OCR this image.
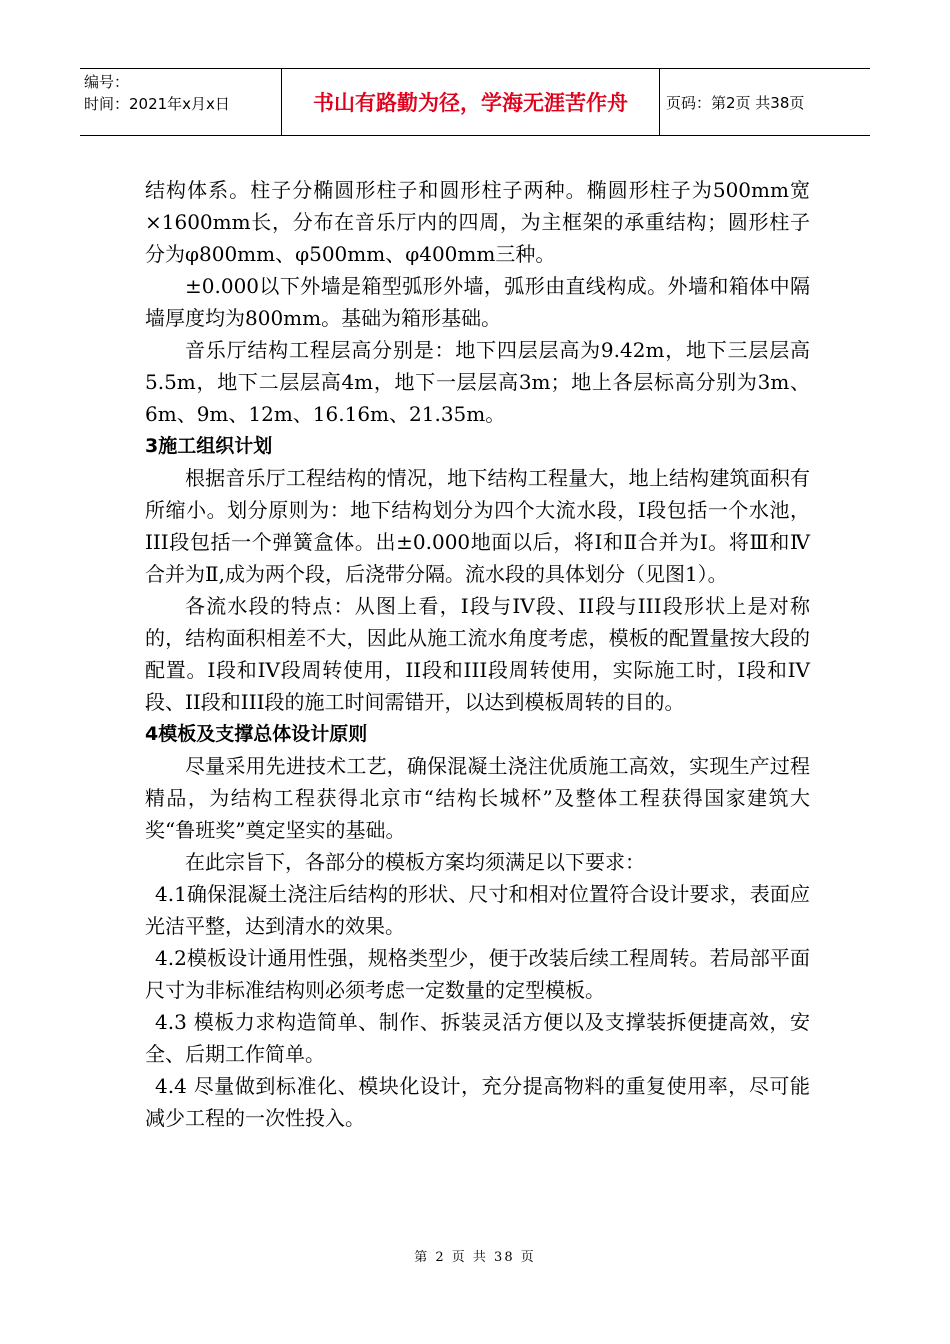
编号：
时间：2021年x月x日	书山有路勤为径，学海无涯苦作舟	页码：第2页 共38页

结构体系。柱子分椭圆形柱子和圆形柱子两种。椭圆形柱子为500mm宽×1600mm长，分布在音乐厅内的四周，为主框架的承重结构；圆形柱子分为φ800mm、φ500mm、φ400mm三种。

±0.000以下外墙是箱型弧形外墙，弧形由直线构成。外墙和箱体中隔墙厚度均为800mm。基础为箱形基础。

音乐厅结构工程层高分别是：地下四层层高为9.42m，地下三层层高5.5m，地下二层层高4m，地下一层层高3m；地上各层标高分别为3m、6m、9m、12m、16.16m、21.35m。

3施工组织计划

根据音乐厅工程结构的情况，地下结构工程量大，地上结构建筑面积有所缩小。划分原则为：地下结构划分为四个大流水段，I段包括一个水池，III段包括一个弹簧盒体。出±0.000地面以后，将Ⅰ和Ⅱ合并为Ⅰ。将Ⅲ和Ⅳ合并为Ⅱ,成为两个段，后浇带分隔。流水段的具体划分（见图1）。

各流水段的特点：从图上看，I段与IV段、II段与III段形状上是对称的，结构面积相差不大，因此从施工流水角度考虑，模板的配置量按大段的配置。I段和IV段周转使用，II段和III段周转使用，实际施工时，I段和IV段、II段和III段的施工时间需错开，以达到模板周转的目的。

4模板及支撑总体设计原则

尽量采用先进技术工艺，确保混凝土浇注优质施工高效，实现生产过程精品，为结构工程获得北京市“结构长城杯”及整体工程获得国家建筑大奖“鲁班奖”奠定坚实的基础。

在此宗旨下，各部分的模板方案均须满足以下要求：

4.1确保混凝土浇注后结构的形状、尺寸和相对位置符合设计要求，表面应光洁平整，达到清水的效果。

4.2模板设计通用性强，规格类型少，便于改装后续工程周转。若局部平面尺寸为非标准结构则必须考虑一定数量的定型模板。

4.3 模板力求构造简单、制作、拆装灵活方便以及支撑装拆便捷高效，安全、后期工作简单。

4.4 尽量做到标准化、模块化设计，充分提高物料的重复使用率，尽可能减少工程的一次性投入。

第 2 页 共 38 页
